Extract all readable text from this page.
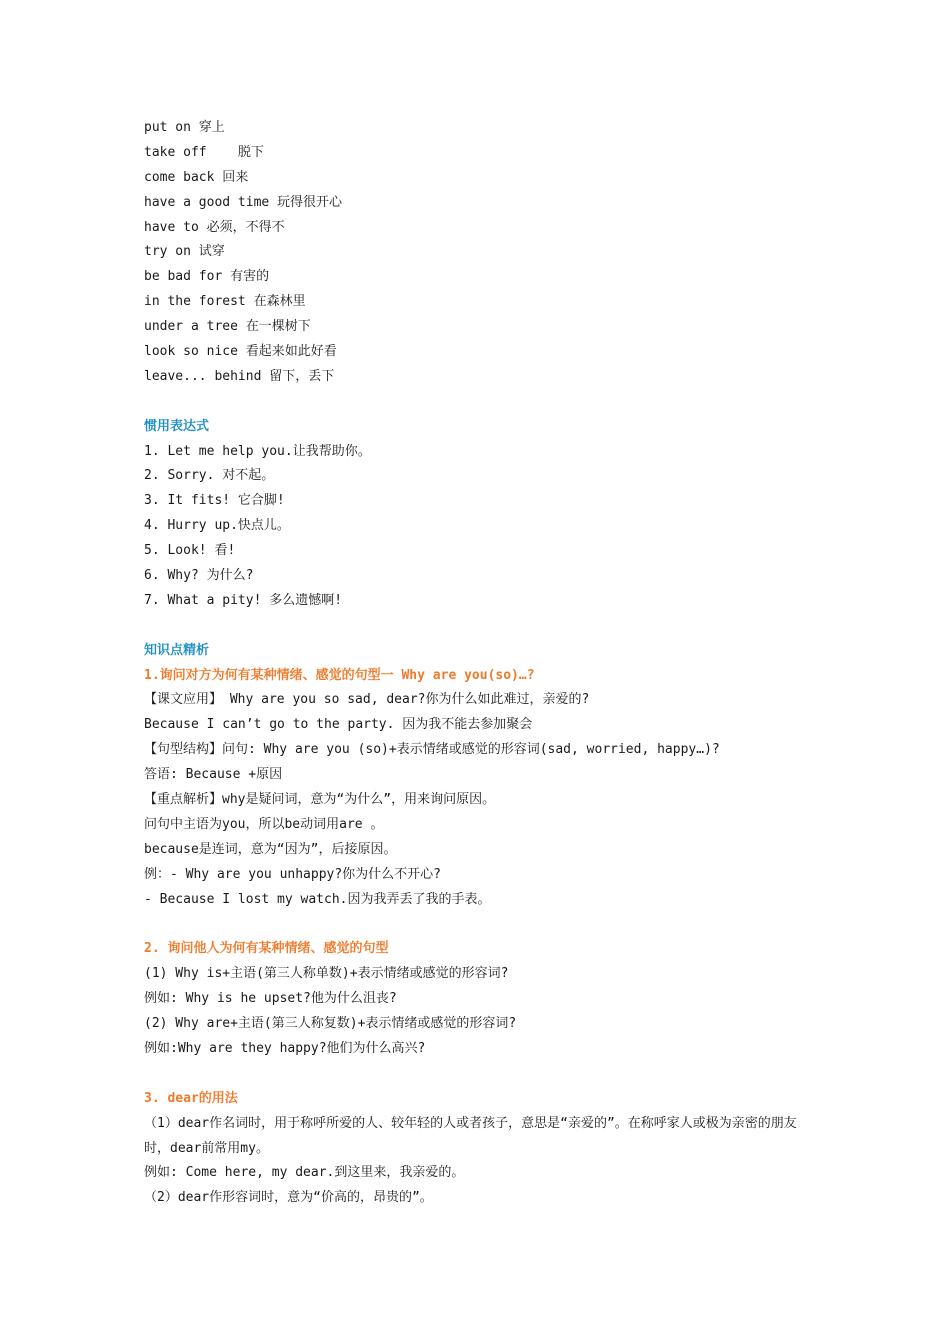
put on 穿上
take off    脱下
come back 回来
have a good time 玩得很开心
have to 必须，不得不
try on 试穿
be bad for 有害的
in the forest 在森林里
under a tree 在一棵树下
look so nice 看起来如此好看
leave... behind 留下，丢下
惯用表达式
1. Let me help you.让我帮助你。
2. Sorry. 对不起。
3. It fits! 它合脚!
4. Hurry up.快点儿。
5. Look! 看!
6. Why? 为什么?
7. What a pity! 多么遗憾啊!
知识点精析
1.询问对方为何有某种情绪、感觉的句型一 Why are you(so)…?
【课文应用】 Why are you so sad, dear?你为什么如此难过，亲爱的?
Because I can’t go to the party. 因为我不能去参加聚会
【句型结构】问句: Why are you (so)+表示情绪或感觉的形容词(sad, worried, happy…)?
答语: Because +原因
【重点解析】why是疑问词，意为“为什么”，用来询问原因。
问句中主语为you，所以be动词用are 。
because是连词，意为“因为”，后接原因。
例：- Why are you unhappy?你为什么不开心?
- Because I lost my watch.因为我弄丢了我的手表。
2. 询问他人为何有某种情绪、感觉的句型
(1) Why is+主语(第三人称单数)+表示情绪或感觉的形容词?
例如: Why is he upset?他为什么沮丧?
(2) Why are+主语(第三人称复数)+表示情绪或感觉的形容词?
例如:Why are they happy?他们为什么高兴?
3. dear的用法
（1）dear作名词时，用于称呼所爱的人、较年轻的人或者孩子，意思是“亲爱的”。在称呼家人或极为亲密的朋友时，dear前常用my。
例如: Come here, my dear.到这里来，我亲爱的。
（2）dear作形容词时，意为“价高的，昂贵的”。
